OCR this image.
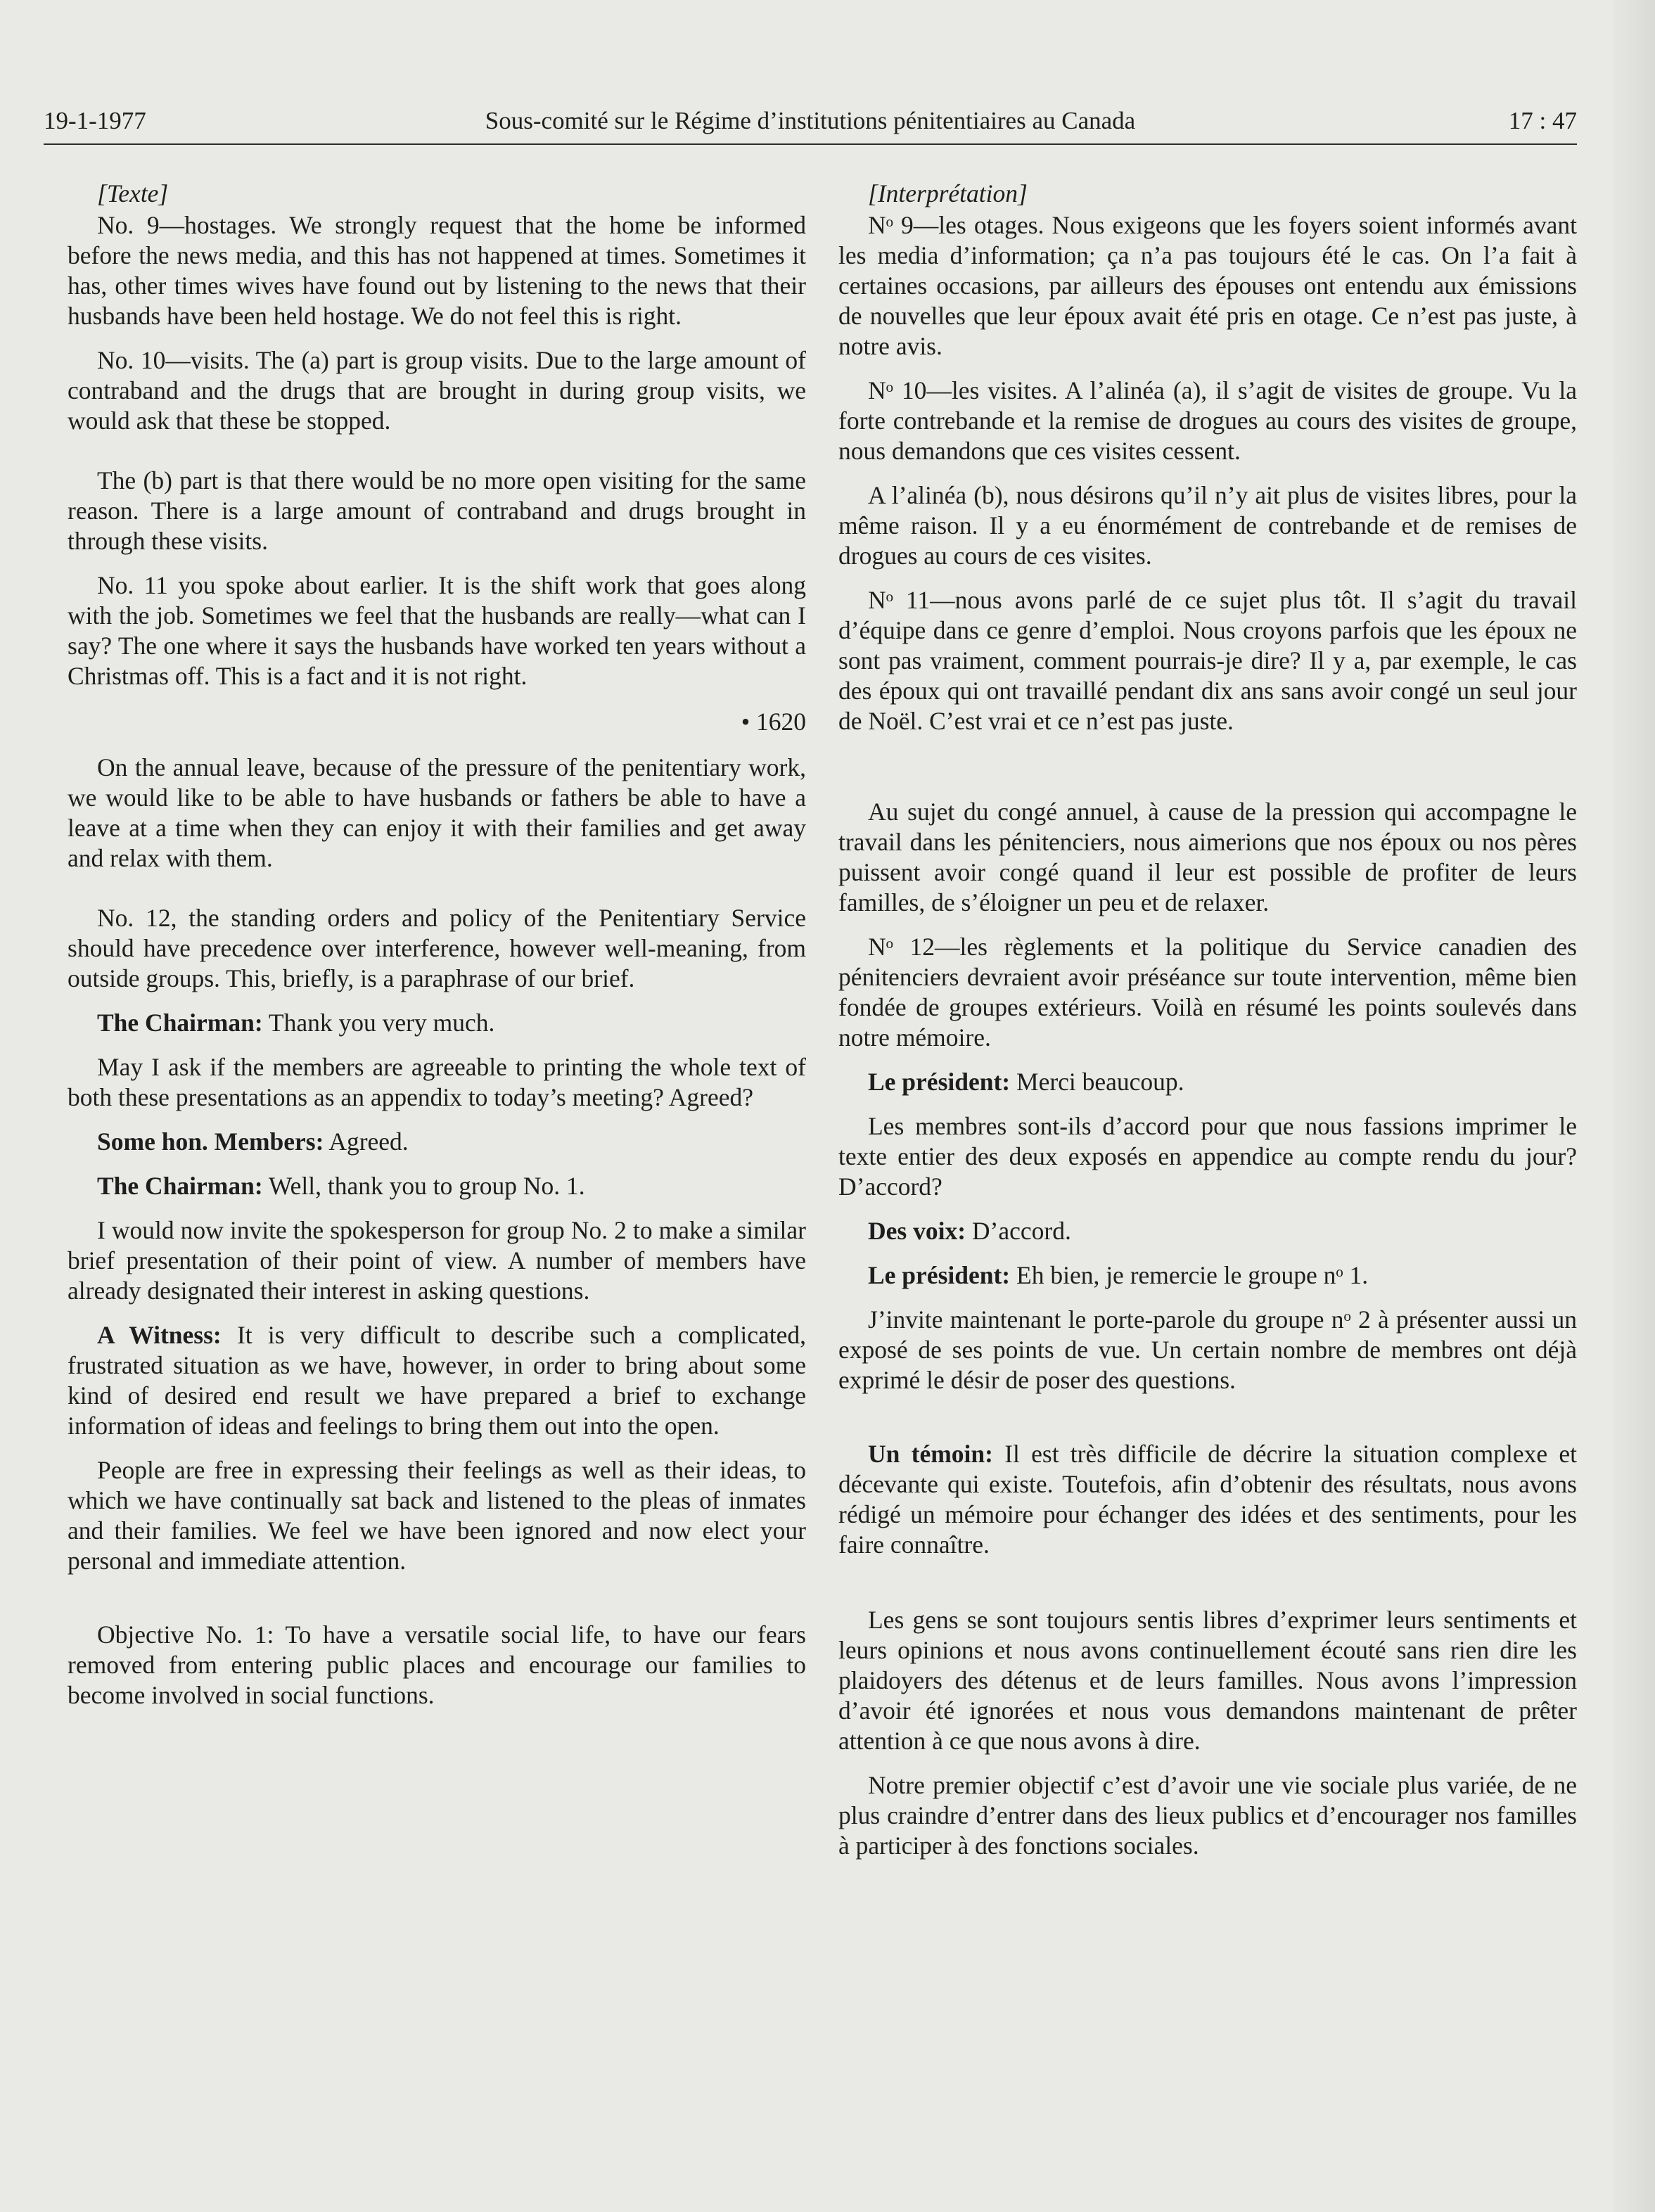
Sous-comité sur le Régime d’institutions pénitentiaires au Canada
19-1-1977	17 : 47

[Texte]

No. 9—hostages. We strongly request that the home be informed before the news media, and this has not happened at times. Sometimes it has, other times wives have found out by listening to the news that their husbands have been held hostage. We do not feel this is right.

No. 10—visits. The (a) part is group visits. Due to the large amount of contraband and the drugs that are brought in during group visits, we would ask that these be stopped.

The (b) part is that there would be no more open visiting for the same reason. There is a large amount of contraband and drugs brought in through these visits.

No. 11 you spoke about earlier. It is the shift work that goes along with the job. Sometimes we feel that the husbands are really—what can I say? The one where it says the husbands have worked ten years without a Christmas off. This is a fact and it is not right.

• 1620

On the annual leave, because of the pressure of the penitentiary work, we would like to be able to have husbands or fathers be able to have a leave at a time when they can enjoy it with their families and get away and relax with them.

No. 12, the standing orders and policy of the Penitentiary Service should have precedence over interference, however well-meaning, from outside groups. This, briefly, is a paraphrase of our brief.

The Chairman: Thank you very much.

May I ask if the members are agreeable to printing the whole text of both these presentations as an appendix to today’s meeting? Agreed?

Some hon. Members: Agreed.

The Chairman: Well, thank you to group No. 1.

I would now invite the spokesperson for group No. 2 to make a similar brief presentation of their point of view. A number of members have already designated their interest in asking questions.

A Witness: It is very difficult to describe such a complicated, frustrated situation as we have, however, in order to bring about some kind of desired end result we have prepared a brief to exchange information of ideas and feelings to bring them out into the open.

People are free in expressing their feelings as well as their ideas, to which we have continually sat back and listened to the pleas of inmates and their families. We feel we have been ignored and now elect your personal and immediate attention.

Objective No. 1: To have a versatile social life, to have our fears removed from entering public places and encourage our families to become involved in social functions.

[Interprétation]

Nᵒ 9—les otages. Nous exigeons que les foyers soient informés avant les media d’information; ça n’a pas toujours été le cas. On l’a fait à certaines occasions, par ailleurs des épouses ont entendu aux émissions de nouvelles que leur époux avait été pris en otage. Ce n’est pas juste, à notre avis.

Nᵒ 10—les visites. A l’alinéa (a), il s’agit de visites de groupe. Vu la forte contrebande et la remise de drogues au cours des visites de groupe, nous demandons que ces visites cessent.

A l’alinéa (b), nous désirons qu’il n’y ait plus de visites libres, pour la même raison. Il y a eu énormément de contrebande et de remises de drogues au cours de ces visites.

Nᵒ 11—nous avons parlé de ce sujet plus tôt. Il s’agit du travail d’équipe dans ce genre d’emploi. Nous croyons parfois que les époux ne sont pas vraiment, comment pourrais-je dire? Il y a, par exemple, le cas des époux qui ont travaillé pendant dix ans sans avoir congé un seul jour de Noël. C’est vrai et ce n’est pas juste.

Au sujet du congé annuel, à cause de la pression qui accompagne le travail dans les pénitenciers, nous aimerions que nos époux ou nos pères puissent avoir congé quand il leur est possible de profiter de leurs familles, de s’éloigner un peu et de relaxer.

Nᵒ 12—les règlements et la politique du Service canadien des pénitenciers devraient avoir préséance sur toute intervention, même bien fondée de groupes extérieurs. Voilà en résumé les points soulevés dans notre mémoire.

Le président: Merci beaucoup.

Les membres sont-ils d’accord pour que nous fassions imprimer le texte entier des deux exposés en appendice au compte rendu du jour? D’accord?

Des voix: D’accord.

Le président: Eh bien, je remercie le groupe nᵒ 1.

J’invite maintenant le porte-parole du groupe nᵒ 2 à présenter aussi un exposé de ses points de vue. Un certain nombre de membres ont déjà exprimé le désir de poser des questions.

Un témoin: Il est très difficile de décrire la situation complexe et décevante qui existe. Toutefois, afin d’obtenir des résultats, nous avons rédigé un mémoire pour échanger des idées et des sentiments, pour les faire connaître.

Les gens se sont toujours sentis libres d’exprimer leurs sentiments et leurs opinions et nous avons continuellement écouté sans rien dire les plaidoyers des détenus et de leurs familles. Nous avons l’impression d’avoir été ignorées et nous vous demandons maintenant de prêter attention à ce que nous avons à dire.

Notre premier objectif c’est d’avoir une vie sociale plus variée, de ne plus craindre d’entrer dans des lieux publics et d’encourager nos familles à participer à des fonctions sociales.
